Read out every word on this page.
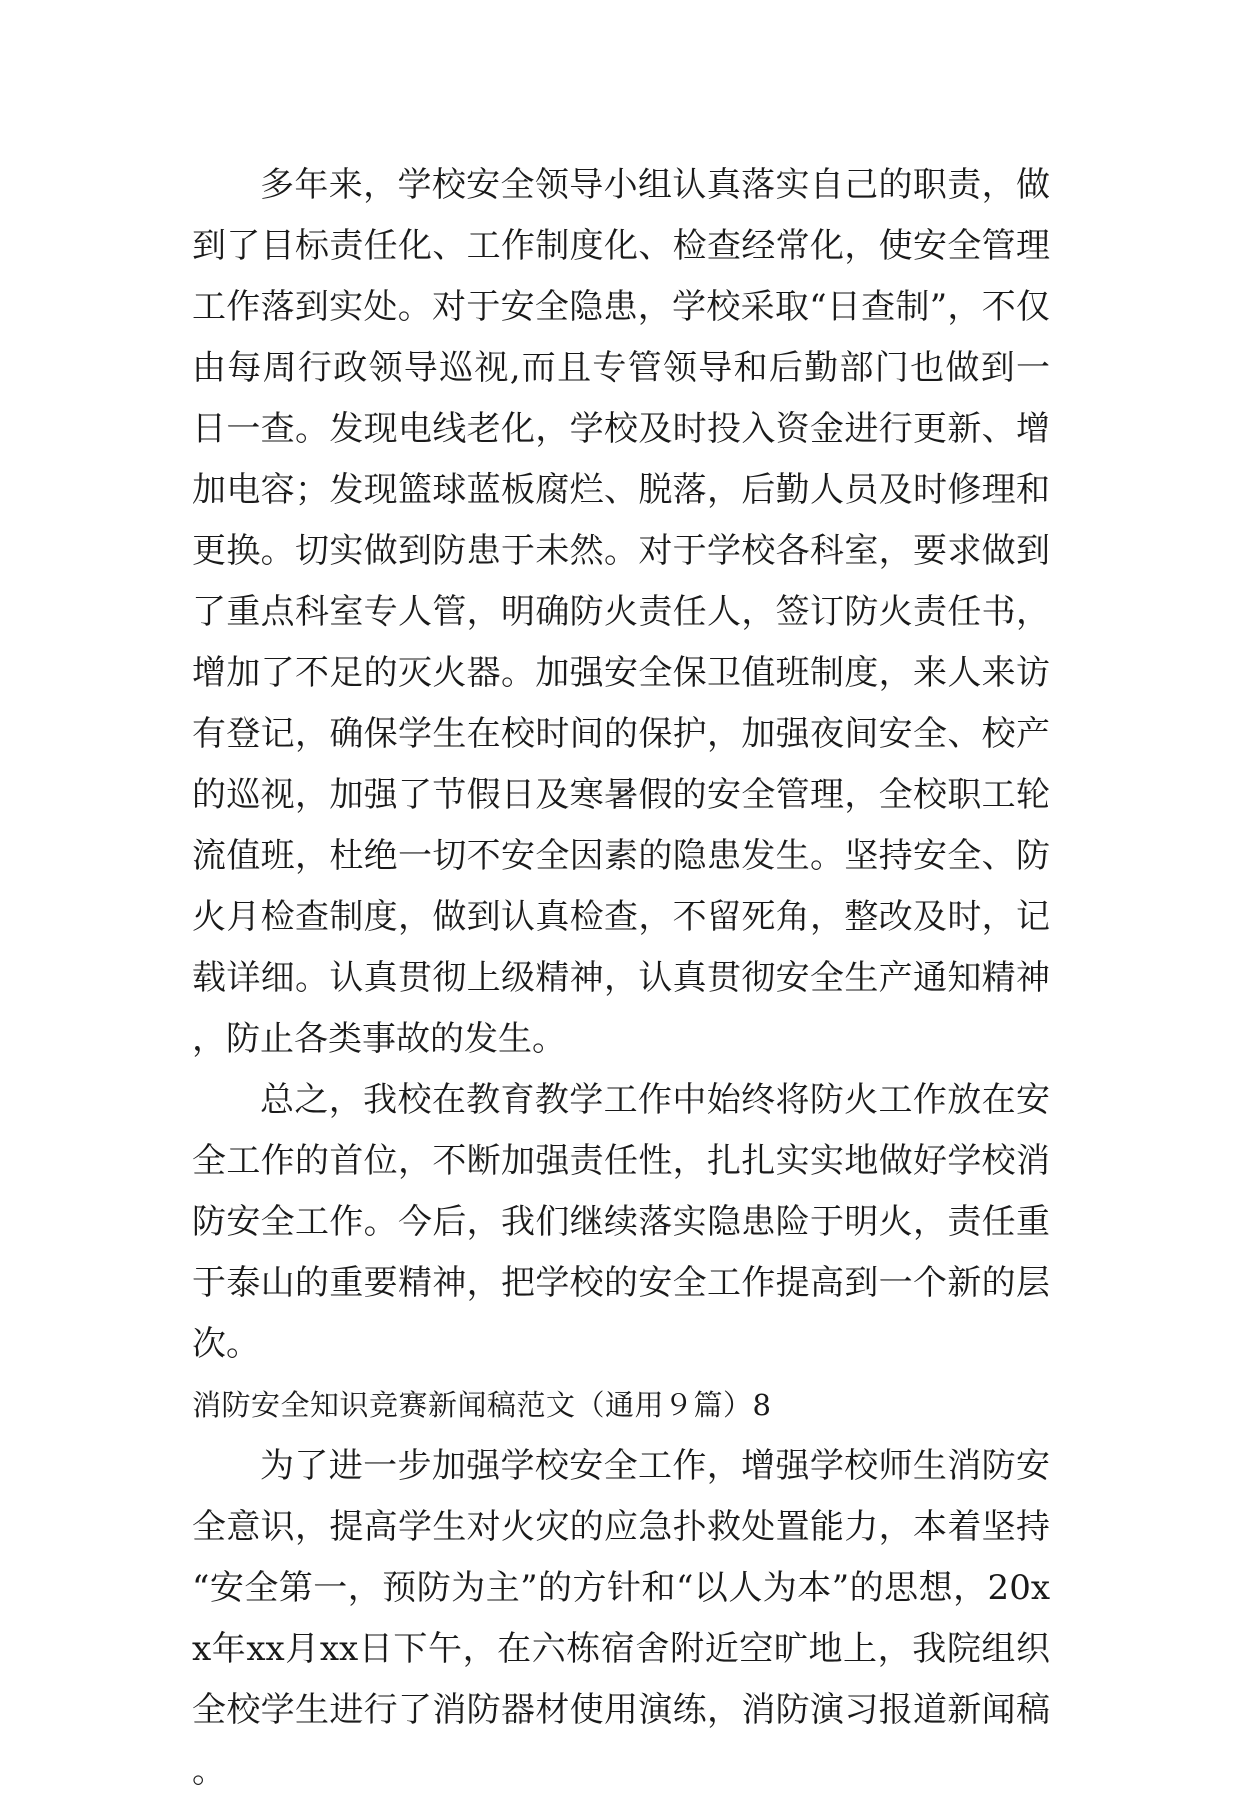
多年来，学校安全领导小组认真落实自己的职责，做到了目标责任化、工作制度化、检查经常化，使安全管理工作落到实处。对于安全隐患，学校采取“日查制”，不仅由每周行政领导巡视,而且专管领导和后勤部门也做到一日一查。发现电线老化，学校及时投入资金进行更新、增加电容；发现篮球蓝板腐烂、脱落，后勤人员及时修理和更换。切实做到防患于未然。对于学校各科室，要求做到了重点科室专人管，明确防火责任人，签订防火责任书，增加了不足的灭火器。加强安全保卫值班制度，来人来访有登记，确保学生在校时间的保护，加强夜间安全、校产的巡视，加强了节假日及寒暑假的安全管理，全校职工轮流值班，杜绝一切不安全因素的隐患发生。坚持安全、防火月检查制度，做到认真检查，不留死角，整改及时，记载详细。认真贯彻上级精神，认真贯彻安全生产通知精神，防止各类事故的发生。

总之，我校在教育教学工作中始终将防火工作放在安全工作的首位，不断加强责任性，扎扎实实地做好学校消防安全工作。今后，我们继续落实隐患险于明火，责任重于泰山的重要精神，把学校的安全工作提高到一个新的层次。

消防安全知识竞赛新闻稿范文（通用９篇）8

为了进一步加强学校安全工作，增强学校师生消防安全意识，提高学生对火灾的应急扑救处置能力，本着坚持“安全第一，预防为主”的方针和“以人为本”的思想，20xx年xx月xx日下午，在六栋宿舍附近空旷地上，我院组织全校学生进行了消防器材使用演练，消防演习报道新闻稿。
